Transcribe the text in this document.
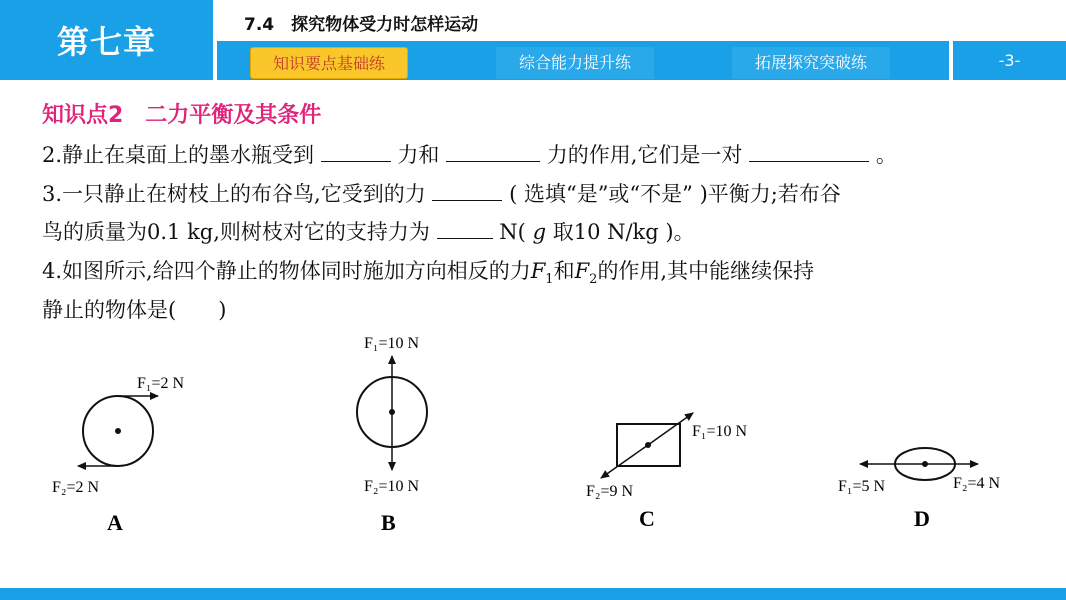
第七章	7.4　探究物体受力时怎样运动
知识要点基础练	综合能力提升练	拓展探究突破练	-3-
知识点2　二力平衡及其条件
2.静止在桌面上的墨水瓶受到	力和	力的作用,它们是一对	。
3.一只静止在树枝上的布谷鸟,它受到的力	( 选填“是”或“不是” )平衡力;若布谷
鸟的质量为0.1 kg,则树枝对它的支持力为	N( g 取10 N/kg )。
4.如图所示,给四个静止的物体同时施加方向相反的力$F_1$和$F_2$的作用,其中能继续保持
静止的物体是(　　)
F₁=2 N
F₂=2 N
A
F₁=10 N
F₂=10 N
B
F₁=10 N
F₂=9 N
C
F₁=5 N	F₂=4 N
D
